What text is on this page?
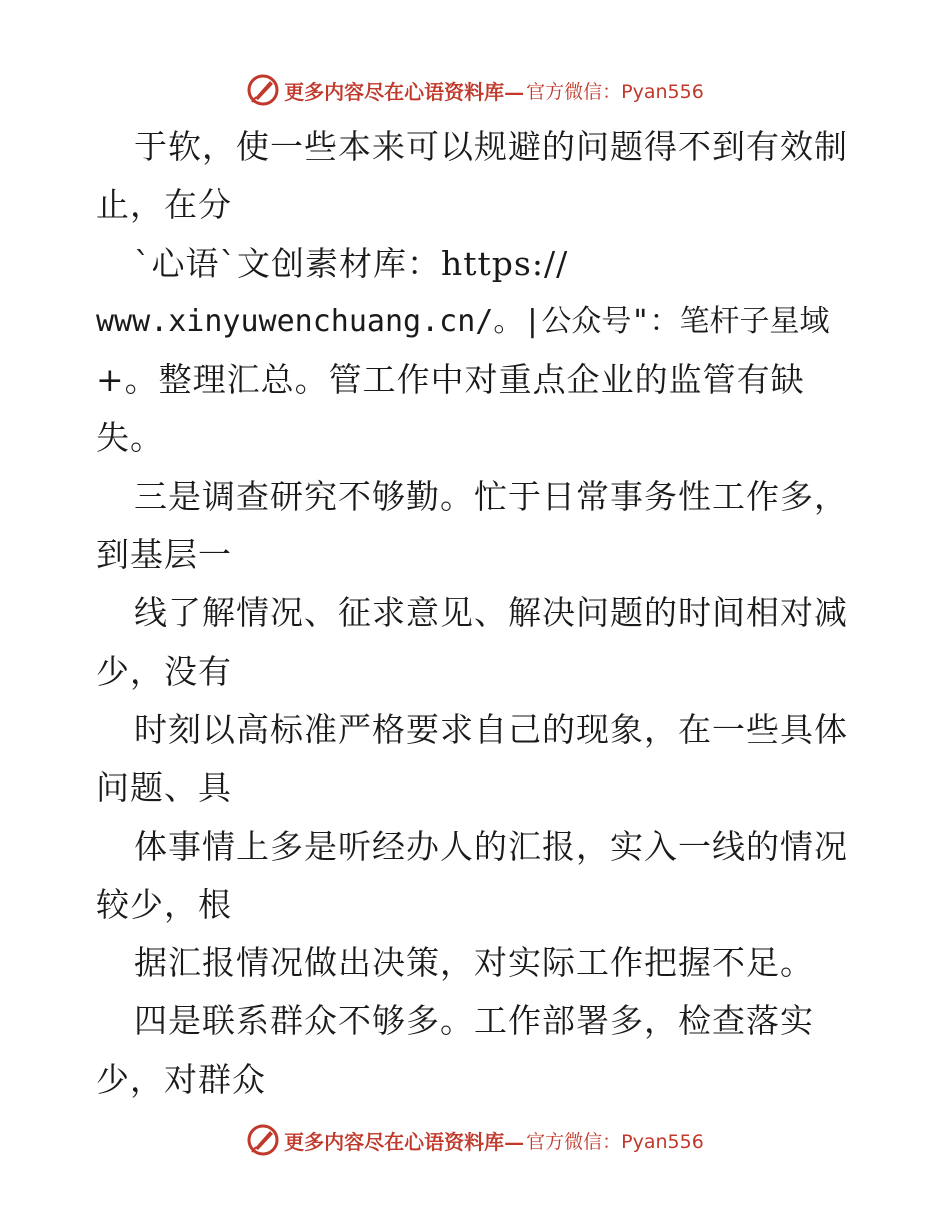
更多内容尽在心语资料库— 官方微信：Pyan556
于软，使一些本来可以规避的问题得不到有效制
止，在分
`心语`文创素材库：https://
www.xinyuwenchuang.cn/。|公众号"：笔杆子星域
+。整理汇总。管工作中对重点企业的监管有缺
失。
三是调查研究不够勤。忙于日常事务性工作多，
到基层一
线了解情况、征求意见、解决问题的时间相对减
少，没有
时刻以高标准严格要求自己的现象，在一些具体
问题、具
体事情上多是听经办人的汇报，实入一线的情况
较少，根
据汇报情况做出决策，对实际工作把握不足。
四是联系群众不够多。工作部署多，检查落实
少，对群众
更多内容尽在心语资料库— 官方微信：Pyan556
